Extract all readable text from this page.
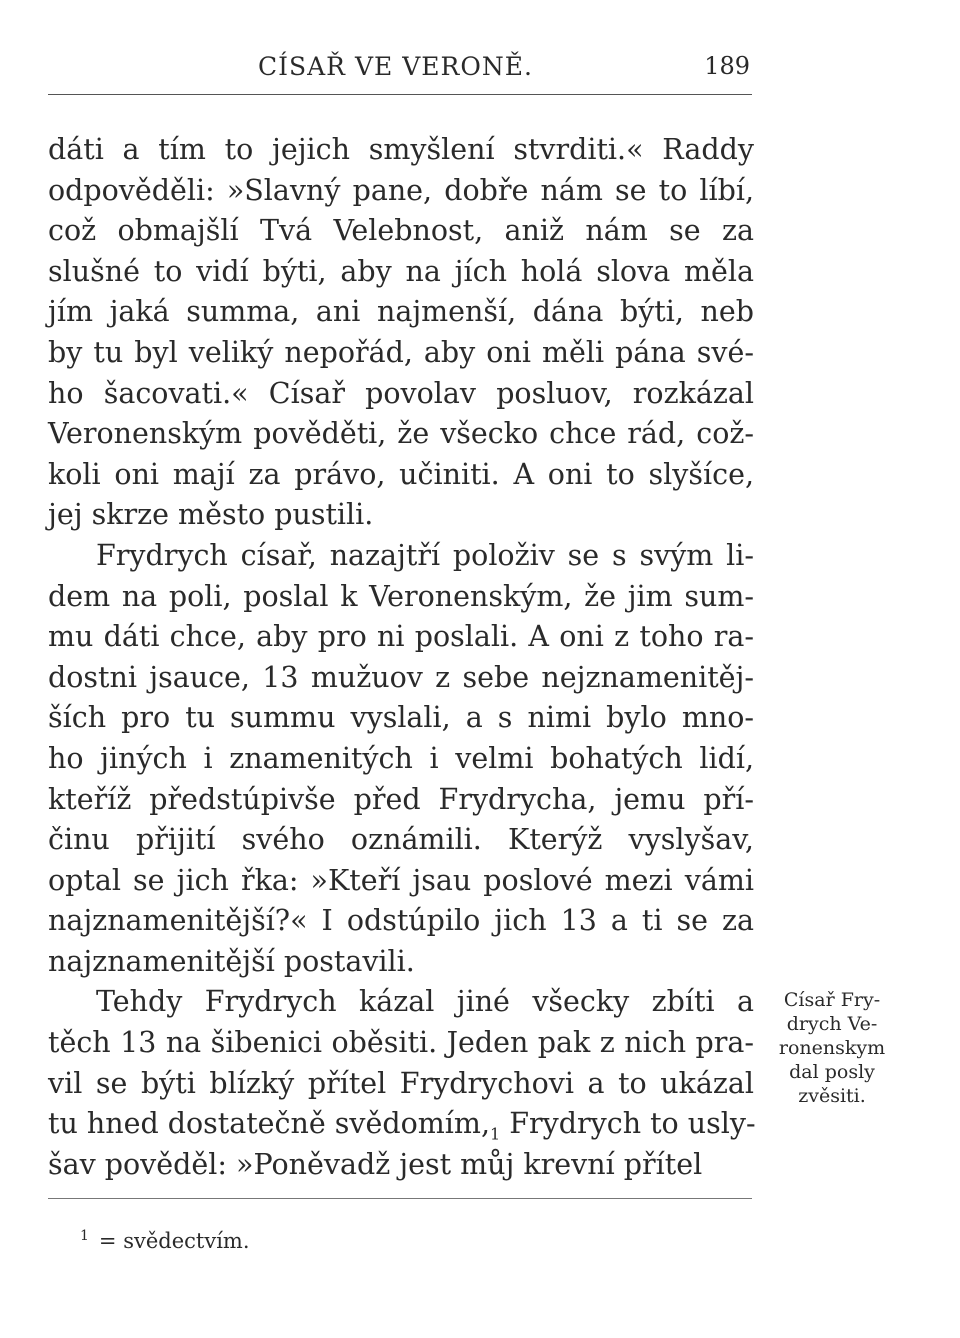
CÍSAŘ VE VERONĚ.	189
dáti a tím to jejich smyšlení stvrditi.« Raddy
odpověděli: »Slavný pane, dobře nám se to líbí,
což obmajšlí Tvá Velebnost, aniž nám se za
slušné to vidí býti, aby na jích holá slova měla
jím jaká summa, ani najmenší, dána býti, neb
by tu byl veliký nepořád, aby oni měli pána své-
ho šacovati.« Císař povolav posluov, rozkázal
Veronenským pověděti, že všecko chce rád, což-
koli oni mají za právo, učiniti. A oni to slyšíce,
jej skrze město pustili.
Frydrych císař, nazajtří položiv se s svým li-
dem na poli, poslal k Veronenským, že jim sum-
mu dáti chce, aby pro ni poslali. A oni z toho ra-
dostni jsauce, 13 mužuov z sebe nejznamenitěj-
ších pro tu summu vyslali, a s nimi bylo mno-
ho jiných i znamenitých i velmi bohatých lidí,
kteříž předstúpivše před Frydrycha, jemu pří-
činu přijití svého oznámili. Kterýž vyslyšav,
optal se jich řka: »Kteří jsau poslové mezi vámi
najznamenitější?« I odstúpilo jich 13 a ti se za
najznamenitější postavili.
Tehdy Frydrych kázal jiné všecky zbíti a
těch 13 na šibenici oběsiti. Jeden pak z nich pra-
vil se býti blízký přítel Frydrychovi a to ukázal
tu hned dostatečně $svědomím,_1$ Frydrych to usly-
šav pověděl: »Poněvadž jest můj krevní přítel
Císař Fry-
drych Ve-
ronenskym
dal posly
zvěsiti.
$^1$ = svědectvím.
